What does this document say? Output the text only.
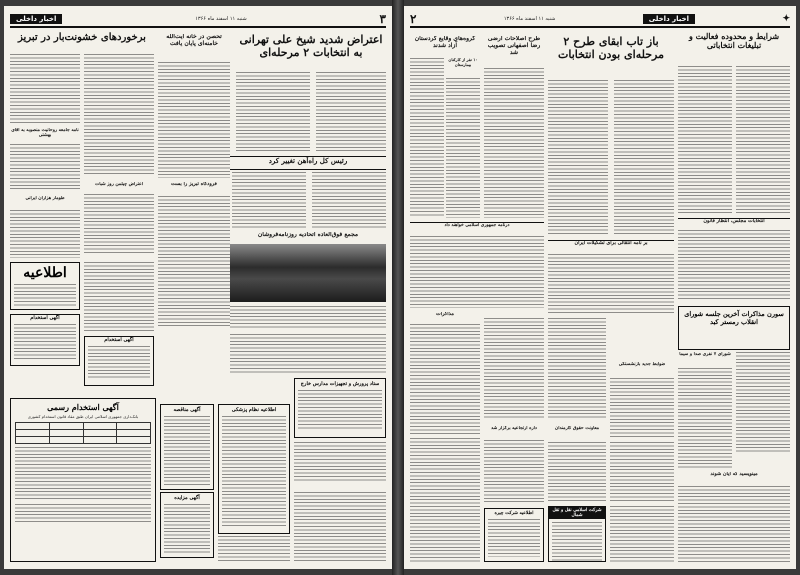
۳
شنبه ۱۱ اسفند ماه ۱۳۶۶
اخبار داخلی
اعتراض شدید شیخ علی تهرانی به انتخابات ۲ مرحله‌ای
تحصن در خانه آیت‌الله خامنه‌ای پایان یافت
برخوردهای خشونت‌بار در تبریز
نامه جامعه روحانیت منصوبه به آقای بهشتی
اعتراض چیلمن روز شبات
طومار هزاران ایرانی
رئیس کل راه‌آهن تغییر کرد
مجمع فوق‌العاده اتحادیه روزنامه‌فروشان
فرودگاه تبریز را بست
اطلاعیه
آگهی استخدام
آگهی استخدام
ستاد پرورش و تجهیزات مدارس خارج
اطلاعیه نظام پزشکی
آگهی مناقصه
آگهی مزایده
آگهی استخدام رسمی
بانک‌داری جمهوری اسلامی ایران طبق مقاد قانون استخدام کشوری

✦
اخبار داخلی
شنبه ۱۱ اسفند ماه ۱۳۶۶
۲
شرایط و محدوده فعالیت و تبلیغات انتخاباتی
باز تاب ابقای طرح ۲ مرحله‌ای بودن انتخابات
طرح اصلاحات ارضی رضا اصفهانی تصویب شد
گروه‌های وقایع کردستان آزاد شدند
۱۰ نفر از کارکنان بیمارستان
انتخابات مجلس، انتظار قانون
بر نامه انتقالی برای تشکیلات ایران
درنامه جمهوری اسلامی خواهند داد
مذاکرات
ضوابط جدید بازنشستگی
معاونت حقوق کارمندان
داره ارتجاعیه برگزار شد
سورن مذاکرات آخرین جلسه شورای انقلاب رمستر کبد
شورای ۷ نفری صدا و سیما
مینویسید که ایان شوند
شرکت اسلامی نقل و تقل شمال
اطلاعیه شرکت چیره
